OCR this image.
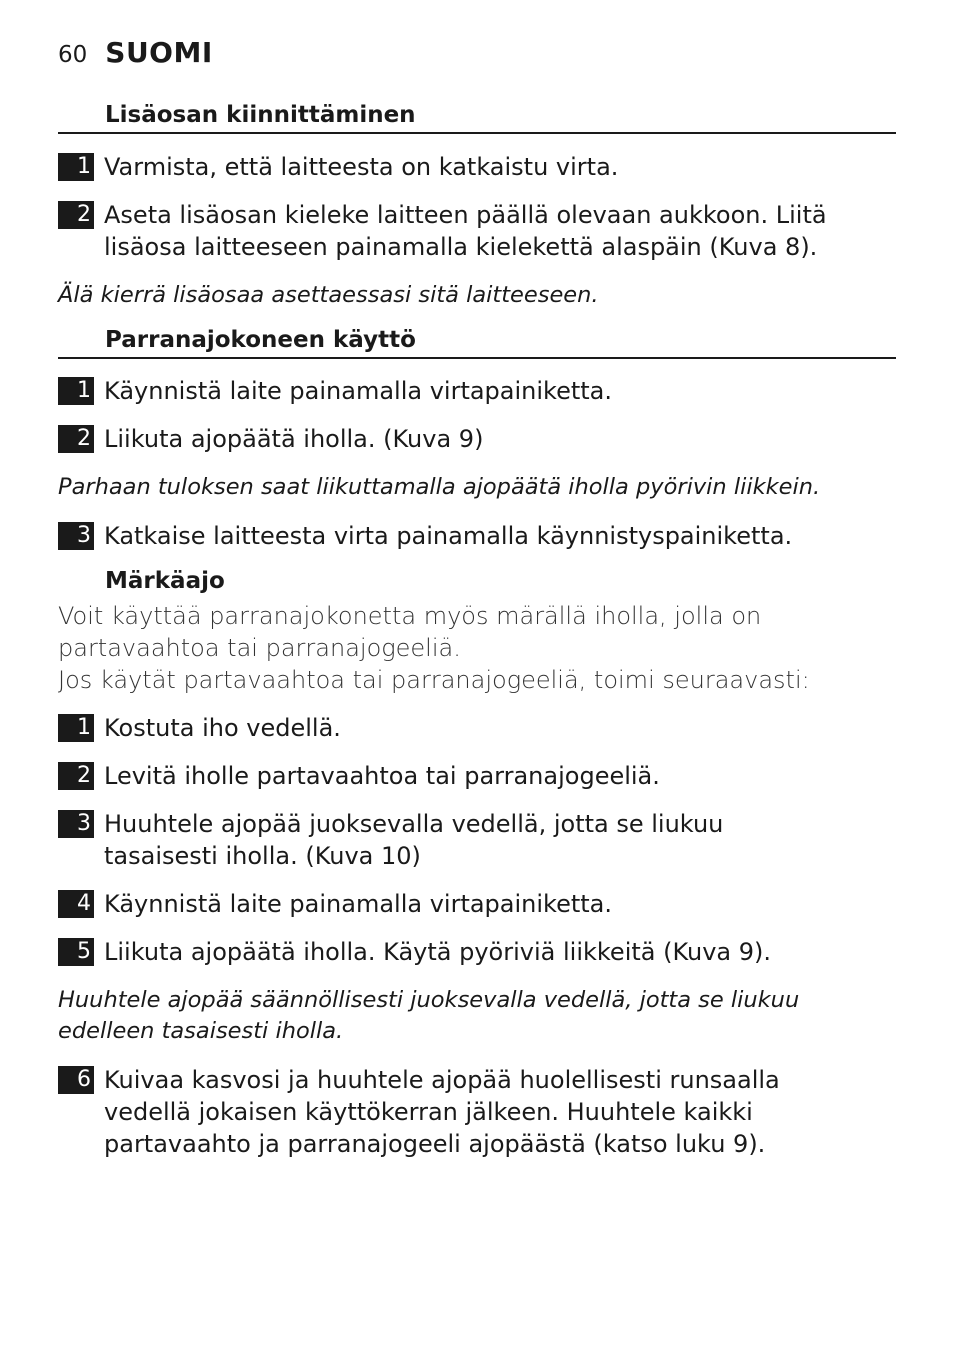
60 SUOMI
Lisäosan kiinnittäminen
1 Varmista, että laitteesta on katkaistu virta.
2 Aseta lisäosan kieleke laitteen päällä olevaan aukkoon. Liitä lisäosa laitteeseen painamalla kielekettä alaspäin (Kuva 8).
Älä kierrä lisäosaa asettaessasi sitä laitteeseen.
Parranajokoneen käyttö
1 Käynnistä laite painamalla virtapainiketta.
2 Liikuta ajopäätä iholla. (Kuva 9)
Parhaan tuloksen saat liikuttamalla ajopäätä iholla pyörivin liikkein.
3 Katkaise laitteesta virta painamalla käynnistyspainiketta.
Märkäajo
Voit käyttää parranajokonetta myös märällä iholla, jolla on partavaahtoa tai parranajogeeliä.
Jos käytät partavaahtoa tai parranajogeeliä, toimi seuraavasti:
1 Kostuta iho vedellä.
2 Levitä iholle partavaahtoa tai parranajogeeliä.
3 Huuhtele ajopää juoksevalla vedellä, jotta se liukuu tasaisesti iholla. (Kuva 10)
4 Käynnistä laite painamalla virtapainiketta.
5 Liikuta ajopäätä iholla. Käytä pyöriviä liikkeitä (Kuva 9).
Huuhtele ajopää säännöllisesti juoksevalla vedellä, jotta se liukuu edelleen tasaisesti iholla.
6 Kuivaa kasvosi ja huuhtele ajopää huolellisesti runsaalla vedellä jokaisen käyttökerran jälkeen. Huuhtele kaikki partavaahto ja parranajogeeli ajopäästä (katso luku 9).
